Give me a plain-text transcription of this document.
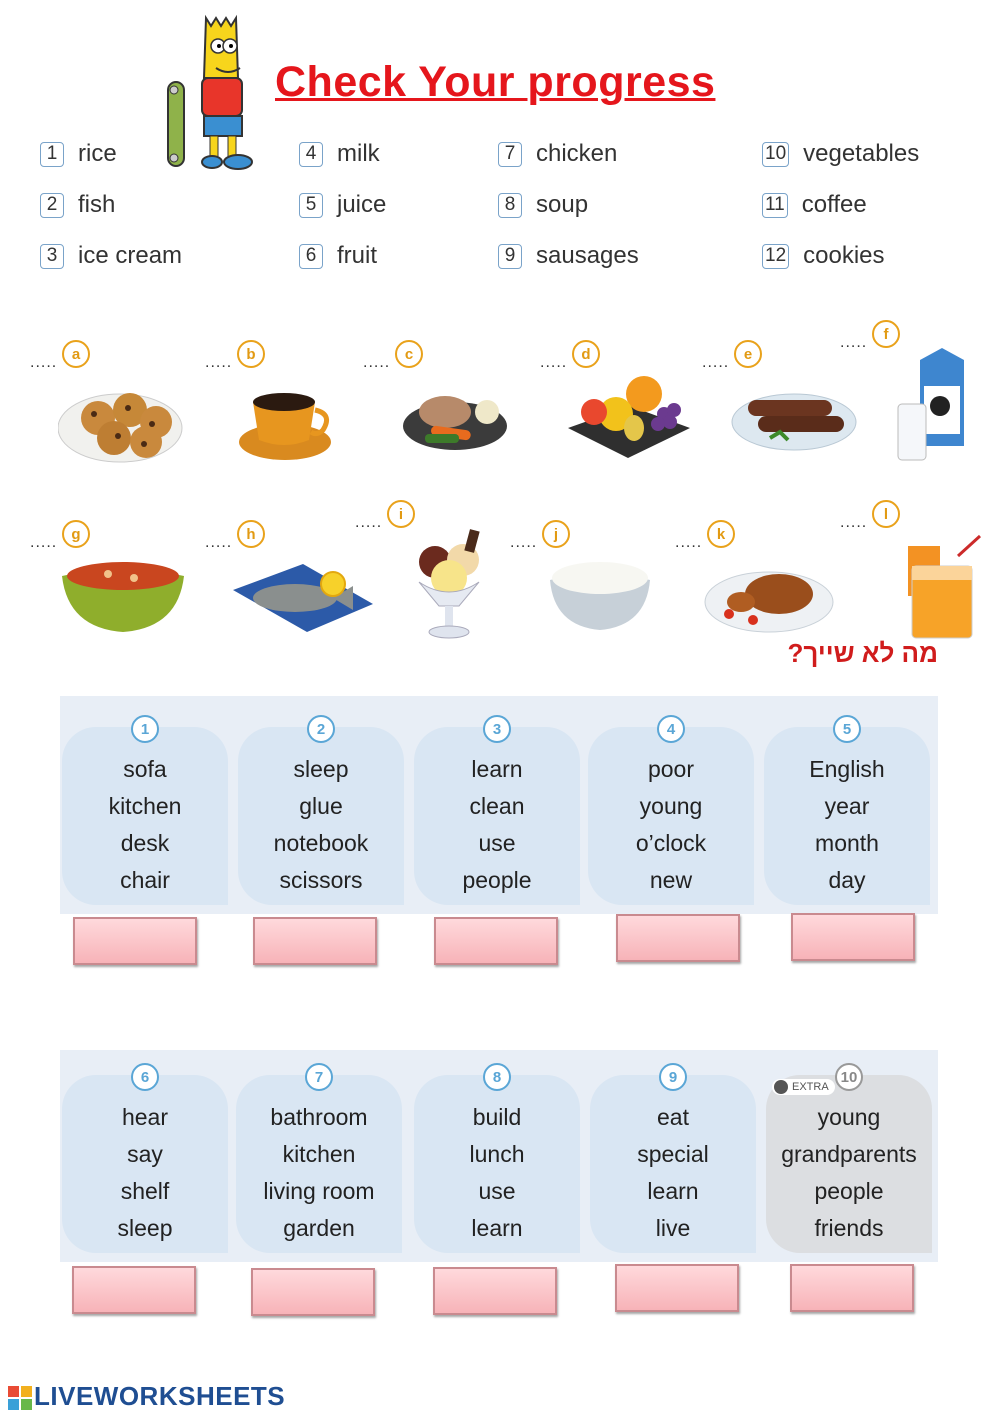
Check Your progress
1 rice
2 fish
3 ice cream
4 milk
5 juice
6 fruit
7 chicken
8 soup
9 sausages
10 vegetables
11 coffee
12 cookies
..... a	..... b	..... c	..... d	..... e
.....	f
..... g	..... h
.....	i
.....	j	..... k
.....	l
מה לא שייך?
1
sofa
kitchen
desk
chair
2
sleep
glue
notebook
scissors
3
learn
clean
use
people
4
poor
young
o’clock
new
5
English
year
month
day
6
hear
say
shelf
sleep
7
bathroom
kitchen
living room
garden
8
build
lunch
use
learn
9
eat
special
learn
live
EXTRA
10
young
grandparents
people
friends
LIVEWORKSHEETS
